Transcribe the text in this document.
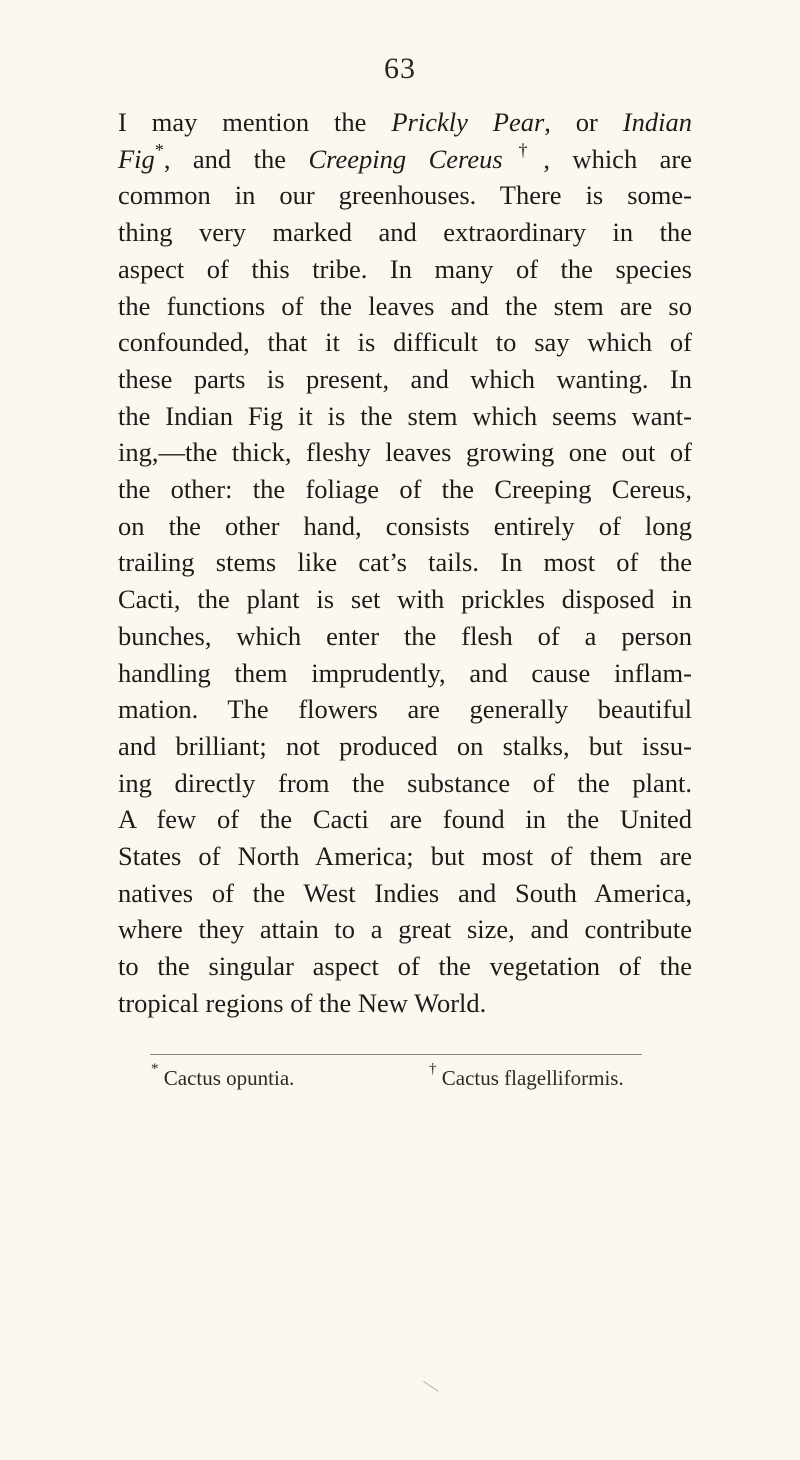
63
I may mention the Prickly Pear, or Indian
Fig*, and the Creeping Cereus†, which are
common in our greenhouses. There is some-
thing very marked and extraordinary in the
aspect of this tribe. In many of the species
the functions of the leaves and the stem are so
confounded, that it is difficult to say which of
these parts is present, and which wanting. In
the Indian Fig it is the stem which seems want-
ing,—the thick, fleshy leaves growing one out of
the other: the foliage of the Creeping Cereus,
on the other hand, consists entirely of long
trailing stems like cat’s tails. In most of the
Cacti, the plant is set with prickles disposed in
bunches, which enter the flesh of a person
handling them imprudently, and cause inflam-
mation. The flowers are generally beautiful
and brilliant; not produced on stalks, but issu-
ing directly from the substance of the plant.
A few of the Cacti are found in the United
States of North America; but most of them are
natives of the West Indies and South America,
where they attain to a great size, and contribute
to the singular aspect of the vegetation of the
tropical regions of the New World.
* Cactus opuntia.	† Cactus flagelliformis.
